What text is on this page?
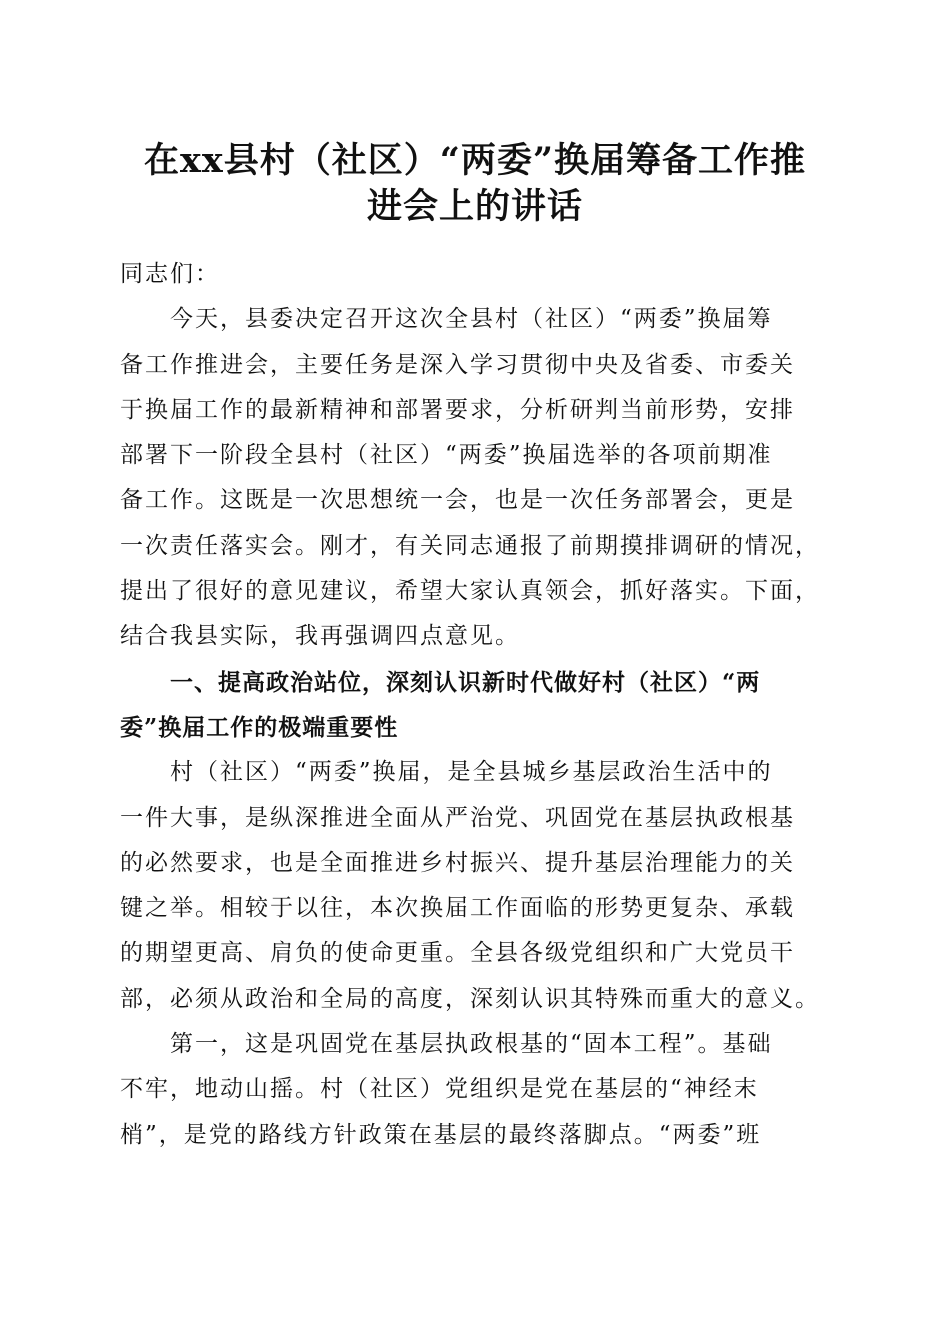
在xx县村（社区）“两委”换届筹备工作推
进会上的讲话

同志们：

今天，县委决定召开这次全县村（社区）“两委”换届筹
备工作推进会，主要任务是深入学习贯彻中央及省委、市委关
于换届工作的最新精神和部署要求，分析研判当前形势，安排
部署下一阶段全县村（社区）“两委”换届选举的各项前期准
备工作。这既是一次思想统一会，也是一次任务部署会，更是
一次责任落实会。刚才，有关同志通报了前期摸排调研的情况，
提出了很好的意见建议，希望大家认真领会，抓好落实。下面，
结合我县实际，我再强调四点意见。

一、提高政治站位，深刻认识新时代做好村（社区）“两
委”换届工作的极端重要性

村（社区）“两委”换届，是全县城乡基层政治生活中的
一件大事，是纵深推进全面从严治党、巩固党在基层执政根基
的必然要求，也是全面推进乡村振兴、提升基层治理能力的关
键之举。相较于以往，本次换届工作面临的形势更复杂、承载
的期望更高、肩负的使命更重。全县各级党组织和广大党员干
部，必须从政治和全局的高度，深刻认识其特殊而重大的意义。

第一，这是巩固党在基层执政根基的“固本工程”。基础
不牢，地动山摇。村（社区）党组织是党在基层的“神经末
梢”，是党的路线方针政策在基层的最终落脚点。“两委”班
